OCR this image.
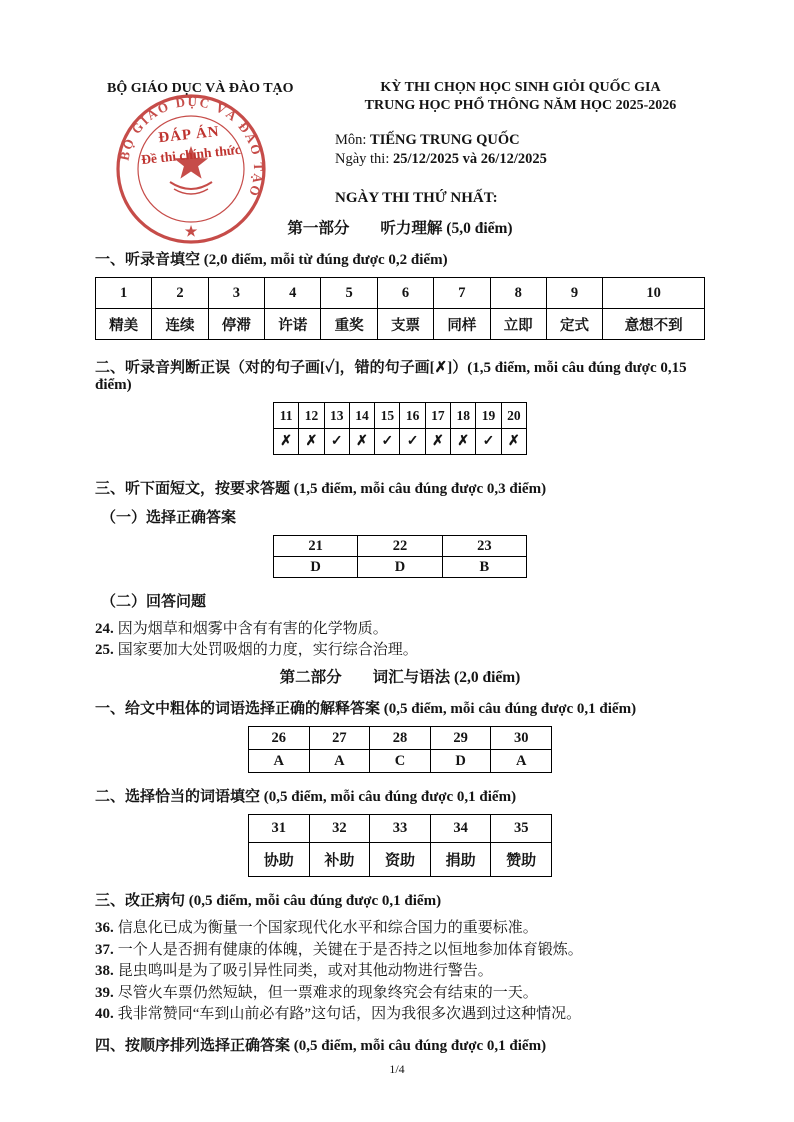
BỘ GIÁO DỤC VÀ ĐÀO TẠO	KỲ THI CHỌN HỌC SINH GIỎI QUỐC GIA
TRUNG HỌC PHỔ THÔNG NĂM HỌC 2025-2026
Môn: TIẾNG TRUNG QUỐC
Ngày thi: 25/12/2025 và 26/12/2025
NGÀY THI THỨ NHẤT:
BỘ GIÁO DỤC VÀ ĐÀO TẠO
★
ĐÁP ÁN
Đề thi chính thức
第一部分　　听力理解 (5,0 điểm)
一、听录音填空 (2,0 điểm, mỗi từ đúng được 0,2 điểm)
1	2	3	4	5	6	7	8	9	10
精美	连续	停滞	许诺	重奖	支票	同样	立即	定式	意想不到
二、听录音判断正误（对的句子画[✓]，错的句子画[✗]）(1,5 điểm, mỗi câu đúng được 0,15 điểm)
11	12	13	14	15	16	17	18	19	20
✗	✗	✓	✗	✓	✓	✗	✗	✓	✗
三、听下面短文，按要求答题 (1,5 điểm, mỗi câu đúng được 0,3 điểm)
（一）选择正确答案
21	22	23
D	D	B
（二）回答问题
24. 因为烟草和烟雾中含有有害的化学物质。
25. 国家要加大处罚吸烟的力度，实行综合治理。
第二部分　　词汇与语法 (2,0 điểm)
一、给文中粗体的词语选择正确的解释答案 (0,5 điểm, mỗi câu đúng được 0,1 điểm)
26	27	28	29	30
A	A	C	D	A
二、选择恰当的词语填空 (0,5 điểm, mỗi câu đúng được 0,1 điểm)
31	32	33	34	35
协助	补助	资助	捐助	赞助
三、改正病句 (0,5 điểm, mỗi câu đúng được 0,1 điểm)
36. 信息化已成为衡量一个国家现代化水平和综合国力的重要标准。
37. 一个人是否拥有健康的体魄，关键在于是否持之以恒地参加体育锻炼。
38. 昆虫鸣叫是为了吸引异性同类，或对其他动物进行警告。
39. 尽管火车票仍然短缺，但一票难求的现象终究会有结束的一天。
40. 我非常赞同“车到山前必有路”这句话，因为我很多次遇到过这种情况。
四、按顺序排列选择正确答案 (0,5 điểm, mỗi câu đúng được 0,1 điểm)
1/4
